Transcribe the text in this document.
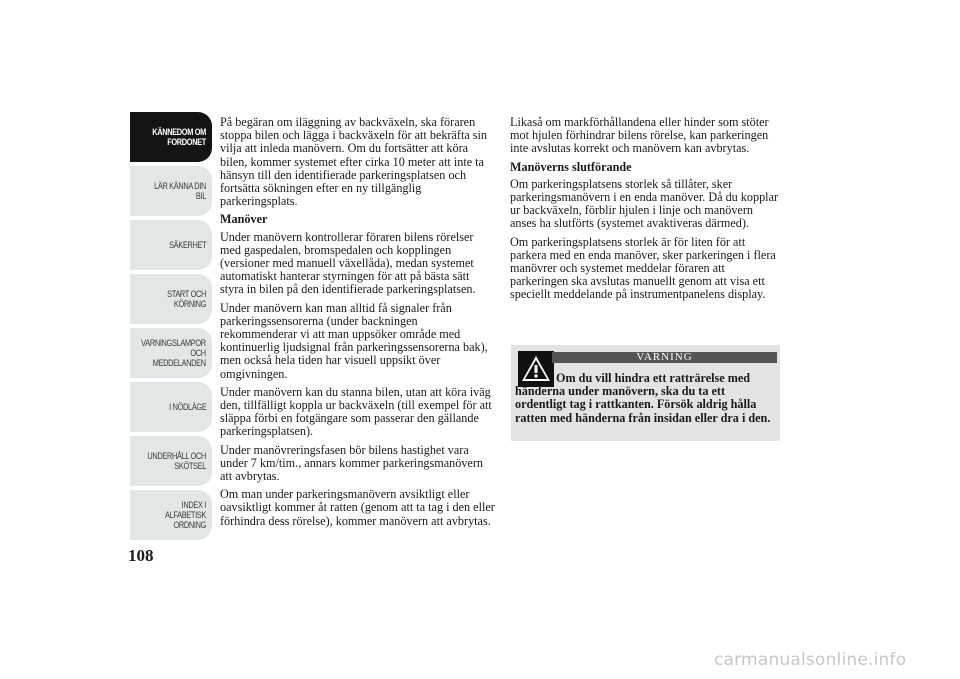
KÄNNEDOM OM FORDONET
LÄR KÄNNA DIN BIL
SÄKERHET
START OCH KÖRNING
VARNINGSLAMPOR OCH MEDDELANDEN
I NÖDLÄGE
UNDERHÅLL OCH SKÖTSEL
INDEX I ALFABETISK ORDNING
108

På begäran om iläggning av backväxeln, ska föraren stoppa bilen och lägga i backväxeln för att bekräfta sin vilja att inleda manövern. Om du fortsätter att köra bilen, kommer systemet efter cirka 10 meter att inte ta hänsyn till den identifierade parkeringsplatsen och fortsätta sökningen efter en ny tillgänglig parkeringsplats.

Manöver

Under manövern kontrollerar föraren bilens rörelser med gaspedalen, bromspedalen och kopplingen (versioner med manuell växellåda), medan systemet automatiskt hanterar styrningen för att på bästa sätt styra in bilen på den identifierade parkeringsplatsen.

Under manövern kan man alltid få signaler från parkeringssensorerna (under backningen rekommenderar vi att man uppsöker område med kontinuerlig ljudsignal från parkeringssensorerna bak), men också hela tiden har visuell uppsikt över omgivningen.

Under manövern kan du stanna bilen, utan att köra iväg den, tillfälligt koppla ur backväxeln (till exempel för att släppa förbi en fotgängare som passerar den gällande parkeringsplatsen).

Under manövreringsfasen bör bilens hastighet vara under 7 km/tim., annars kommer parkeringsmanövern att avbrytas.

Om man under parkeringsmanövern avsiktligt eller oavsiktligt kommer åt ratten (genom att ta tag i den eller förhindra dess rörelse), kommer manövern att avbrytas.

Likaså om markförhållandena eller hinder som stöter mot hjulen förhindrar bilens rörelse, kan parkeringen inte avslutas korrekt och manövern kan avbrytas.

Manöverns slutförande

Om parkeringsplatsens storlek så tillåter, sker parkeringsmanövern i en enda manöver. Då du kopplar ur backväxeln, förblir hjulen i linje och manövern anses ha slutförts (systemet avaktiveras därmed).

Om parkeringsplatsens storlek är för liten för att parkera med en enda manöver, sker parkeringen i flera manövrer och systemet meddelar föraren att parkeringen ska avslutas manuellt genom att visa ett speciellt meddelande på instrumentpanelens display.

VARNING
Om du vill hindra ett ratträrelse med händerna under manövern, ska du ta ett ordentligt tag i rattkanten. Försök aldrig hålla ratten med händerna från insidan eller dra i den.
carmanualsonline.info
